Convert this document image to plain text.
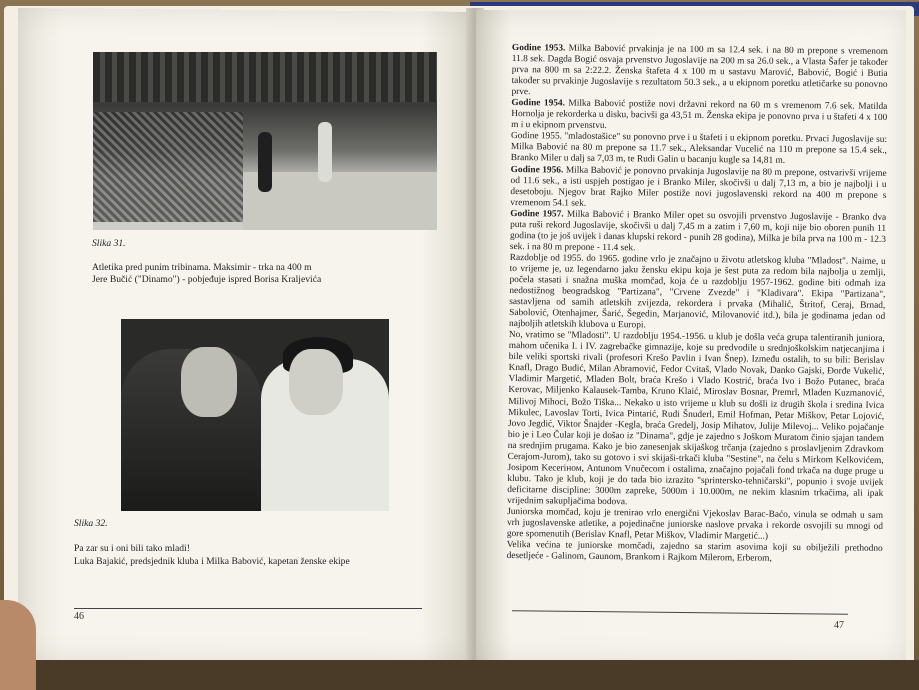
Slika 31.
Atletika pred punim tribinama. Maksimir - trka na 400 m
Jere Bučić ("Dinamo") - pobjeđuje ispred Borisa Kraljevića
Slika 32.
Pa zar su i oni bili tako mladi!
Luka Bajakić, predsjednik kluba i Milka Babović, kapetan ženske ekipe
46

Godine 1953. Milka Babović prvakinja je na 100 m sa 12.4 sek. i na 80 m prepone s vremenom 11.8 sek. Dagda Bogić osvaja prvenstvo Jugoslavije na 200 m sa 26.0 sek., a Vlasta Šafer je također prva na 800 m sa 2:22.2. Ženska štafeta 4 x 100 m u sastavu Marović, Babović, Bogić i Butia također su prvakinje Jugoslavije s rezultatom 50.3 sek., a u ekipnom poretku atletičarke su ponovno prve.

Godine 1954. Milka Babović postiže novi državni rekord na 60 m s vremenom 7.6 sek. Matilda Hornolja je rekorderka u disku, bacivši ga 43,51 m. Ženska ekipa je ponovno prva i u štafeti 4 x 100 m i u ekipnom prvenstvu.

Godine 1955. "mladostašice" su ponovno prve i u štafeti i u ekipnom poretku. Prvaci Jugoslavije su: Milka Babović na 80 m prepone sa 11.7 sek., Aleksandar Vucelić na 110 m prepone sa 15.4 sek., Branko Miler u dalj sa 7,03 m, te Rudi Galin u bacanju kugle sa 14,81 m.

Godine 1956. Milka Babović je ponovno prvakinja Jugoslavije na 80 m prepone, ostvarivši vrijeme od 11.6 sek., a isti uspjeh postigao je i Branko Miler, skočivši u dalj 7,13 m, a bio je najbolji i u desetoboju. Njegov brat Rajko Miler postiže novi jugoslavenski rekord na 400 m prepone s vremenom 54.1 sek.

Godine 1957. Milka Babović i Branko Miler opet su osvojili prvenstvo Jugoslavije - Branko dva puta ruši rekord Jugoslavije, skočivši u dalj 7,45 m a zatim i 7,60 m, koji nije bio oboren punih 11 godina (to je još uvijek i danas klupski rekord - punih 28 godina), Milka je bila prva na 100 m - 12.3 sek. i na 80 m prepone - 11.4 sek.

Razdoblje od 1955. do 1965. godine vrlo je značajno u životu atletskog kluba "Mladost". Naime, u to vrijeme je, uz legendarno jaku žensku ekipu koja je šest puta za redom bila najbolja u zemlji, počela stasati i snažna muška momčad, koja će u razdoblju 1957-1962. godine biti odmah iza nedostižnog beogradskog "Partizana", "Crvene Zvezde" i "Kladivara". Ekipa "Partizana", sastavljena od samih atletskih zvijezda, rekordera i prvaka (Mihalić, Štritof, Ceraj, Brnad, Sabolović, Otenhajmer, Šarić, Šegedin, Marjanović, Milovanović itd.), bila je godinama jedan od najboljih atletskih klubova u Europi.

No, vratimo se "Mladosti". U razdoblju 1954.-1956. u klub je došla veća grupa talentiranih juniora, mahom učenika I. i IV. zagrebačke gimnazije, koje su predvodile u srednjoškolskim natjecanjima i bile veliki sportski rivali (profesori Krešo Pavlin i Ivan Šnep). Između ostalih, to su bili: Berislav Knafl, Drago Budić, Milan Abramović, Fedor Cvitaš, Vlado Novak, Danko Gajski, Đorđe Vukelić, Vladimir Margetić, Mladen Bolt, braća Krešo i Vlado Kostrić, braća Ivo i Božo Putanec, braća Kerovac, Miljenko Kalausek-Tamba, Kruno Klaić, Miroslav Bosnar, Premrl, Mladen Kuzmanović, Milivoj Mihoci, Božo Tiška... Nekako u isto vrijeme u klub su došli iz drugih škola i sredina Ivica Mikulec, Lavoslav Torti, Ivica Pintarić, Rudi Šnuderl, Emil Hofman, Petar Miškov, Petar Lojović, Jovo Jegdić, Viktor Šnajder -Kegla, braća Gredelj, Josip Mihatov, Julije Milevoj... Veliko pojačanje bio je i Leo Čular koji je došao iz "Dinama", gdje je zajedno s Joškom Muratom činio sjajan tandem na srednjim prugama. Kako je bio zanesenjak skijaškog trčanja (zajedno s proslavljenim Zdravkom Cerajom-Jurom), tako su gotovo i svi skijaši-trkači kluba "Sestine", na čelu s Mirkom Kelkovićem, Josipom Keceriном, Antunom Vnučecom i ostalima, značajno pojačali fond trkača na duge pruge u klubu. Tako je klub, koji je do tada bio izrazito "sprintersko-tehničarski", popunio i svoje uvijek deficitarne discipline: 3000m zapreke, 5000m i 10.000m, ne nekim klasnim trkačima, ali ipak vrijednim sakupljačima bodova.

Juniorska momčad, koju je trenirao vrlo energični Vjekoslav Barac-Baćo, vinula se odmah u sam vrh jugoslavenske atletike, a pojedinačne juniorske naslove prvaka i rekorde osvojili su mnogi od gore spomenutih (Berislav Knafl, Petar Miškov, Vladimir Margetić...)

Velika većina te juniorske momčadi, zajedno sa starim asovima koji su obilježili prethodno desetljeće - Galinom, Gaunom, Brankom i Rajkom Milerom, Erberom,

47
